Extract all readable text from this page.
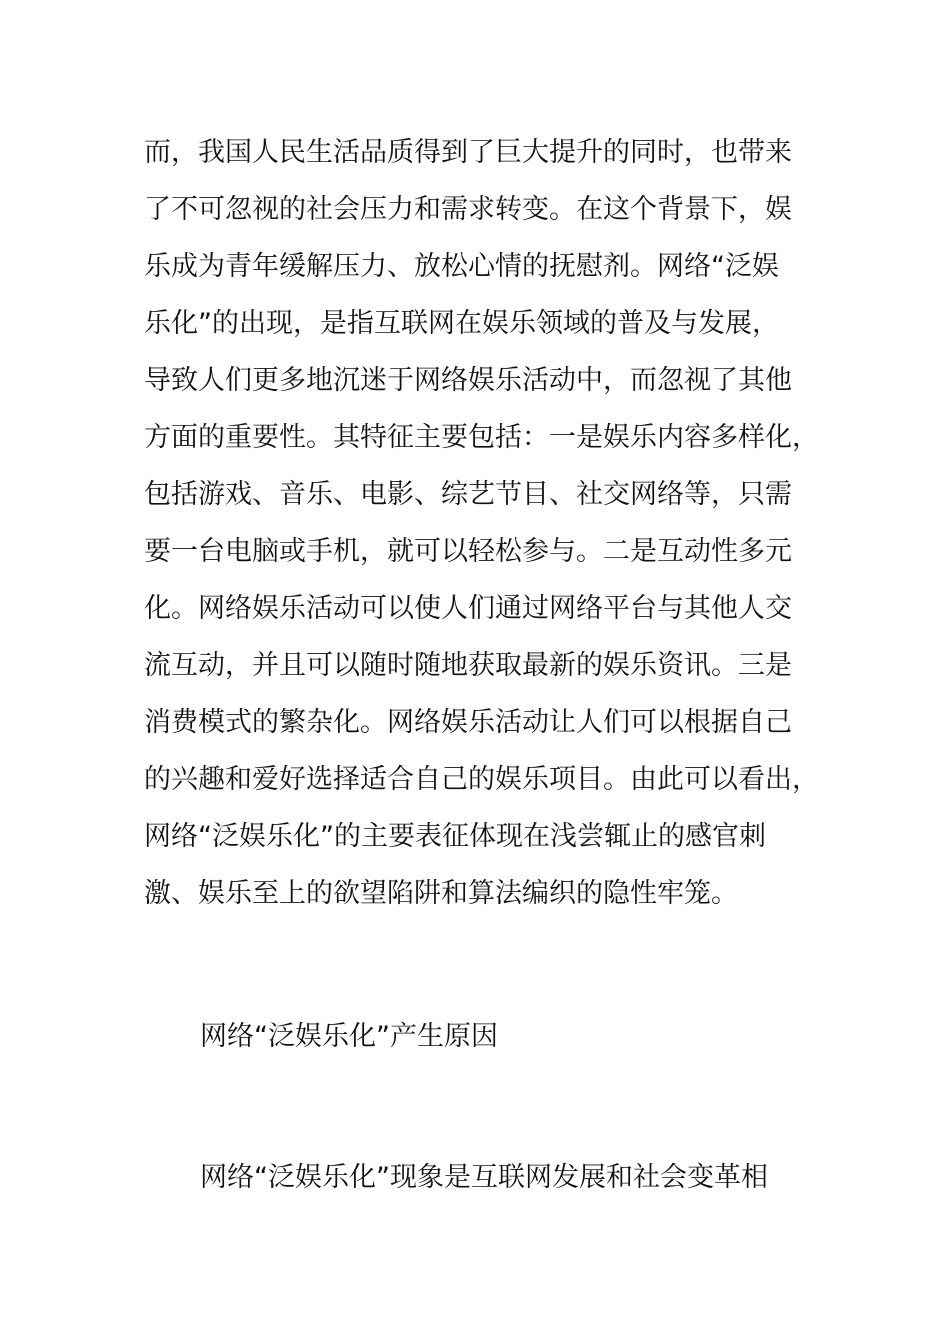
而，我国人民生活品质得到了巨大提升的同时，也带来
了不可忽视的社会压力和需求转变。在这个背景下，娱
乐成为青年缓解压力、放松心情的抚慰剂。网络“泛娱
乐化”的出现，是指互联网在娱乐领域的普及与发展，
导致人们更多地沉迷于网络娱乐活动中，而忽视了其他
方面的重要性。其特征主要包括：一是娱乐内容多样化，
包括游戏、音乐、电影、综艺节目、社交网络等，只需
要一台电脑或手机，就可以轻松参与。二是互动性多元
化。网络娱乐活动可以使人们通过网络平台与其他人交
流互动，并且可以随时随地获取最新的娱乐资讯。三是
消费模式的繁杂化。网络娱乐活动让人们可以根据自己
的兴趣和爱好选择适合自己的娱乐项目。由此可以看出，
网络“泛娱乐化”的主要表征体现在浅尝辄止的感官刺
激、娱乐至上的欲望陷阱和算法编织的隐性牢笼。
网络“泛娱乐化”产生原因
网络“泛娱乐化”现象是互联网发展和社会变革相
